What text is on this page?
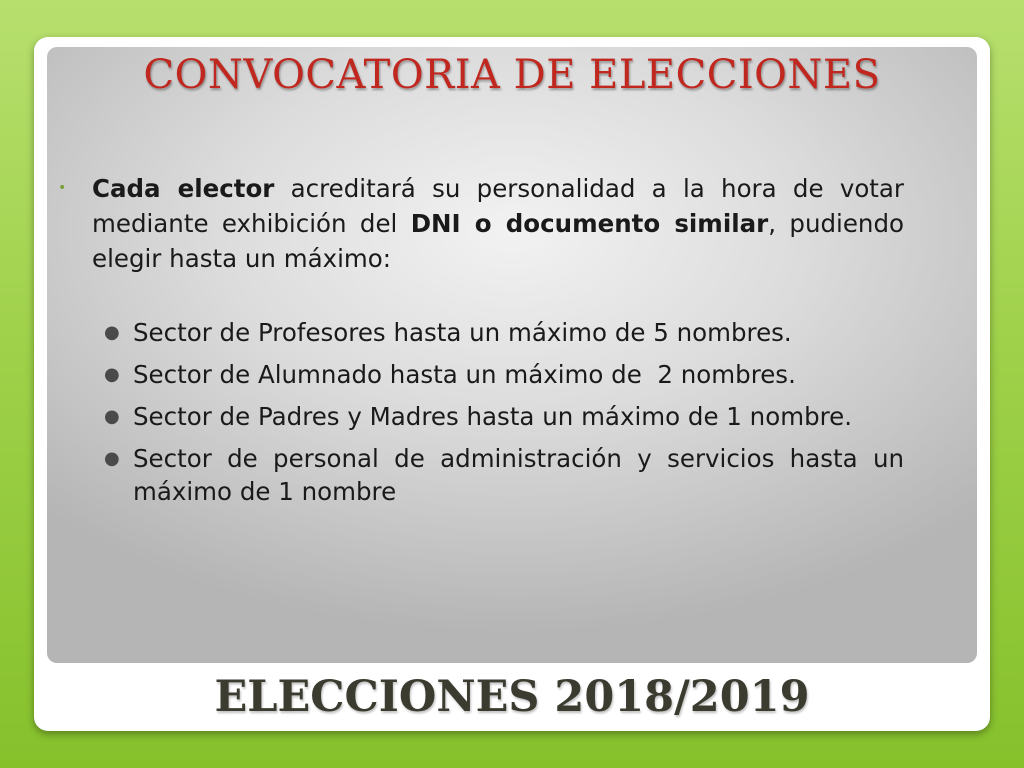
CONVOCATORIA DE ELECCIONES
• Cada elector acreditará su personalidad a la hora de votar mediante exhibición del DNI o documento similar, pudiendo elegir hasta un máximo:
● Sector de Profesores hasta un máximo de 5 nombres.
● Sector de Alumnado hasta un máximo de  2 nombres.
● Sector de Padres y Madres hasta un máximo de 1 nombre.
● Sector de personal de administración y servicios hasta un máximo de 1 nombre
ELECCIONES 2018/2019
